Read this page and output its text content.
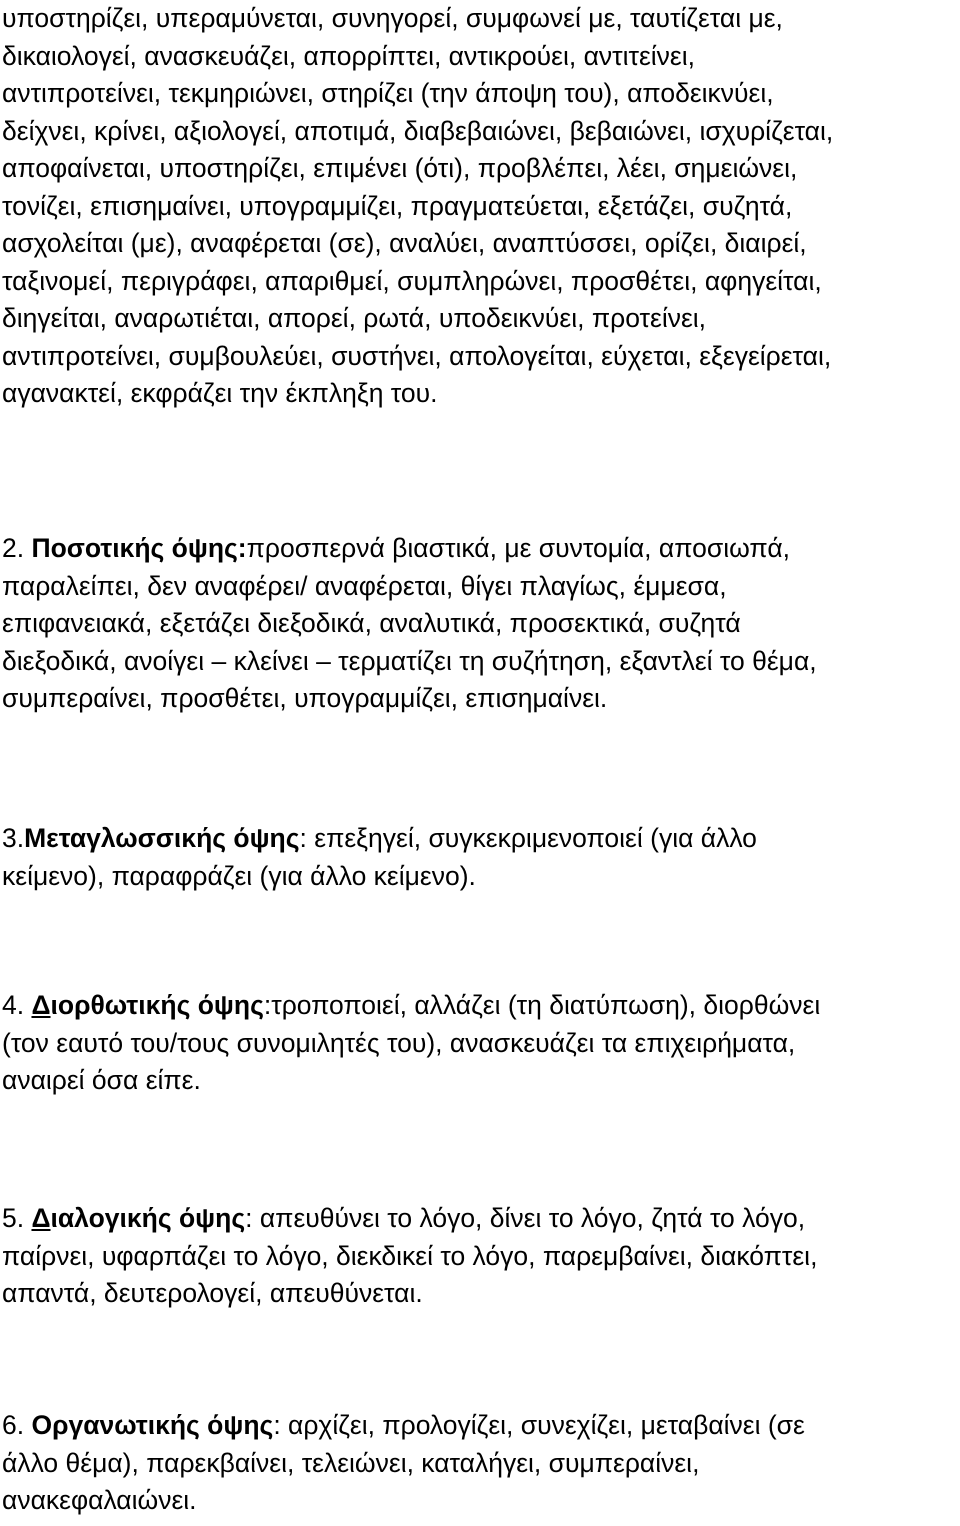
υποστηρίζει, υπεραμύνεται, συνηγορεί, συμφωνεί με, ταυτίζεται με,
δικαιολογεί, ανασκευάζει, απορρίπτει, αντικρούει, αντιτείνει,
αντιπροτείνει, τεκμηριώνει, στηρίζει (την άποψη του), αποδεικνύει,
δείχνει, κρίνει, αξιολογεί, αποτιμά, διαβεβαιώνει, βεβαιώνει, ισχυρίζεται,
αποφαίνεται, υποστηρίζει, επιμένει (ότι), προβλέπει, λέει, σημειώνει,
τονίζει, επισημαίνει, υπογραμμίζει, πραγματεύεται, εξετάζει, συζητά,
ασχολείται (με), αναφέρεται (σε), αναλύει, αναπτύσσει, ορίζει, διαιρεί,
ταξινομεί, περιγράφει, απαριθμεί, συμπληρώνει, προσθέτει, αφηγείται,
διηγείται, αναρωτιέται, απορεί, ρωτά, υποδεικνύει, προτείνει,
αντιπροτείνει, συμβουλεύει, συστήνει, απολογείται, εύχεται, εξεγείρεται,
αγανακτεί, εκφράζει την έκπληξη του.
2. Ποσοτικής όψης:προσπερνά βιαστικά, με συντομία, αποσιωπά,
παραλείπει, δεν αναφέρει/ αναφέρεται, θίγει πλαγίως, έμμεσα,
επιφανειακά, εξετάζει διεξοδικά, αναλυτικά, προσεκτικά, συζητά
διεξοδικά, ανοίγει – κλείνει – τερματίζει τη συζήτηση, εξαντλεί το θέμα,
συμπεραίνει, προσθέτει, υπογραμμίζει, επισημαίνει.
3.Μεταγλωσσικής όψης: επεξηγεί, συγκεκριμενοποιεί (για άλλο
κείμενο), παραφράζει (για άλλο κείμενο).
4. Διορθωτικής όψης:τροποποιεί, αλλάζει (τη διατύπωση), διορθώνει
(τον εαυτό του/τους συνομιλητές του), ανασκευάζει τα επιχειρήματα,
αναιρεί όσα είπε.
5. Διαλογικής όψης: απευθύνει το λόγο, δίνει το λόγο, ζητά το λόγο,
παίρνει, υφαρπάζει το λόγο, διεκδικεί το λόγο, παρεμβαίνει, διακόπτει,
απαντά, δευτερολογεί, απευθύνεται.
6. Οργανωτικής όψης: αρχίζει, προλογίζει, συνεχίζει, μεταβαίνει (σε
άλλο θέμα), παρεκβαίνει, τελειώνει, καταλήγει, συμπεραίνει,
ανακεφαλαιώνει.
